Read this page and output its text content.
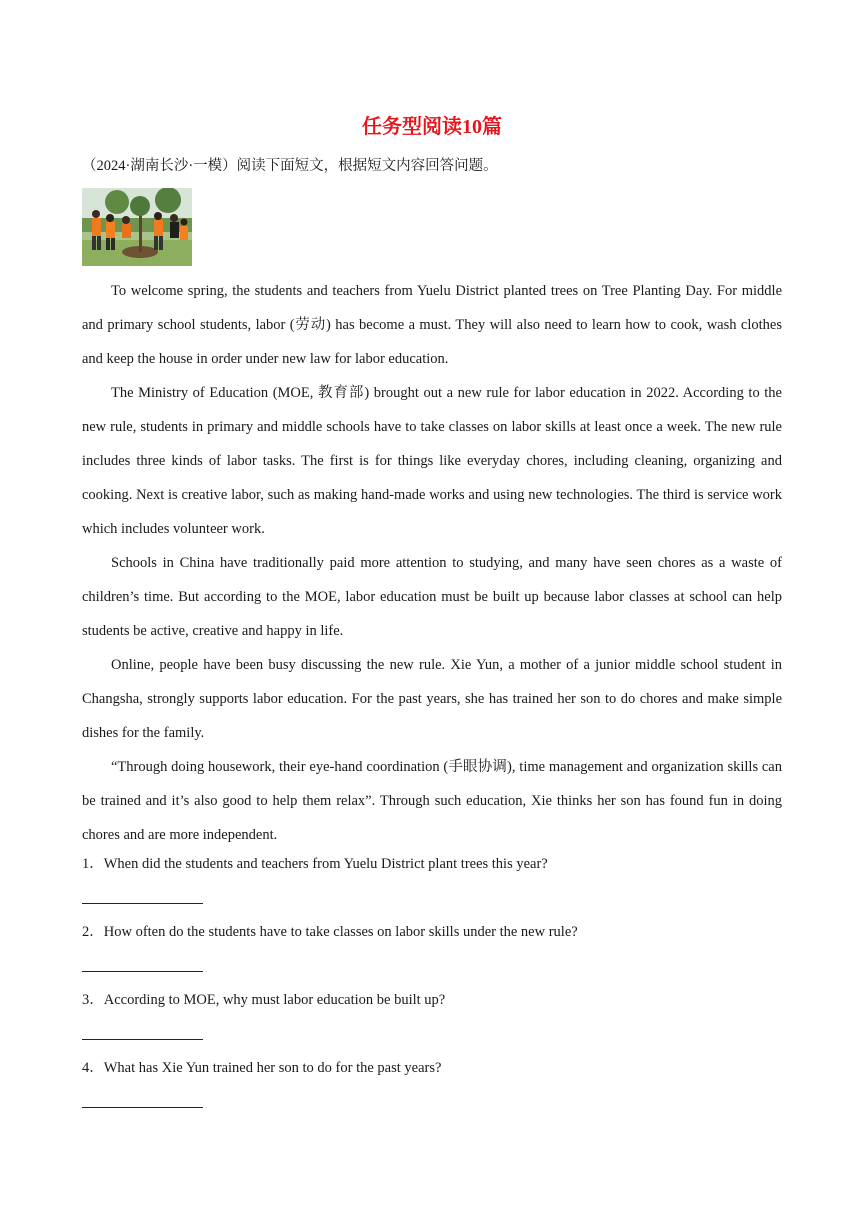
任务型阅读10篇
（2024·湖南长沙·一模）阅读下面短文，根据短文内容回答问题。

To welcome spring, the students and teachers from Yuelu District planted trees on Tree Planting Day. For middle and primary school students, labor (劳动) has become a must. They will also need to learn how to cook, wash clothes and keep the house in order under new law for labor education.

The Ministry of Education (MOE, 教育部) brought out a new rule for labor education in 2022. According to the new rule, students in primary and middle schools have to take classes on labor skills at least once a week. The new rule includes three kinds of labor tasks. The first is for things like everyday chores, including cleaning, organizing and cooking. Next is creative labor, such as making hand-made works and using new technologies. The third is service work which includes volunteer work.

Schools in China have traditionally paid more attention to studying, and many have seen chores as a waste of children’s time. But according to the MOE, labor education must be built up because labor classes at school can help students be active, creative and happy in life.

Online, people have been busy discussing the new rule. Xie Yun, a mother of a junior middle school student in Changsha, strongly supports labor education. For the past years, she has trained her son to do chores and make simple dishes for the family.

“Through doing housework, their eye-hand coordination (手眼协调), time management and organization skills can be trained and it’s also good to help them relax”. Through such education, Xie thinks her son has found fun in doing chores and are more independent.

1．When did the students and teachers from Yuelu District plant trees this year?
2．How often do the students have to take classes on labor skills under the new rule?
3．According to MOE, why must labor education be built up?
4．What has Xie Yun trained her son to do for the past years?
